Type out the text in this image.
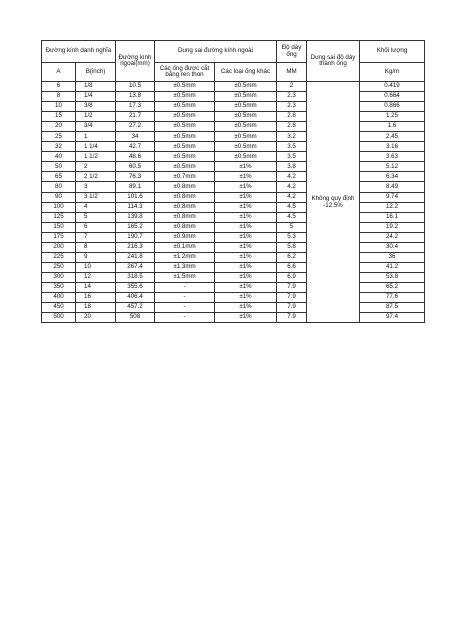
Đường kính danh nghĩa		Đường kính ngoài(mm)	Dung sai đường kính ngoài		Độ dày ống	Dung sai độ dày thành ống	Khối lượng
A	B(inch)		Các ống được cắt bằng ren thon	Các loại ống khác	MM		Kg/m
6	1/8	10.5	±0.5mm	±0.5mm	2	Không quy định -12.5%	0.419
8	1/4	13.8	±0.5mm	±0.5mm	2.3		0.664
10	3/8	17.3	±0.5mm	±0.5mm	2.3		0.866
15	1/2	21.7	±0.5mm	±0.5mm	2.8		1.25
20	3/4	27.2	±0.5mm	±0.5mm	2.8		1.6
25	1	34	±0.5mm	±0.5mm	3.2		2.45
32	1 1/4	42.7	±0.5mm	±0.5mm	3.5		3.16
40	1 1/2	48.6	±0.5mm	±0.5mm	3.5		3.63
50	2	60.5	±0.5mm	±1%	3.8		5.12
65	2 1/2	76.3	±0.7mm	±1%	4.2		6.34
80	3	89.1	±0.8mm	±1%	4.2		8.49
90	3 1/2	101.6	±0.8mm	±1%	4.2		9.74
100	4	114.3	±0.8mm	±1%	4.5		12.2
125	5	139.8	±0.8mm	±1%	4.5		16.1
150	6	165.2	±0.8mm	±1%	5		19.2
175	7	190.7	±0.9mm	±1%	5.3		24.2
200	8	216.3	±0.1mm	±1%	5.8		30.4
225	9	241.8	±1.2mm	±1%	6.2		36
250	10	267.4	±1.3mm	±1%	6.6		41.2
300	12	318.5	±1.5mm	±1%	6.9		53.8
350	14	355.6	-	±1%	7.9		65.2
400	16	406.4	-	±1%	7.9		77.6
450	18	457.2	-	±1%	7.9		87.5
500	20	508	-	±1%	7.9		97.4
